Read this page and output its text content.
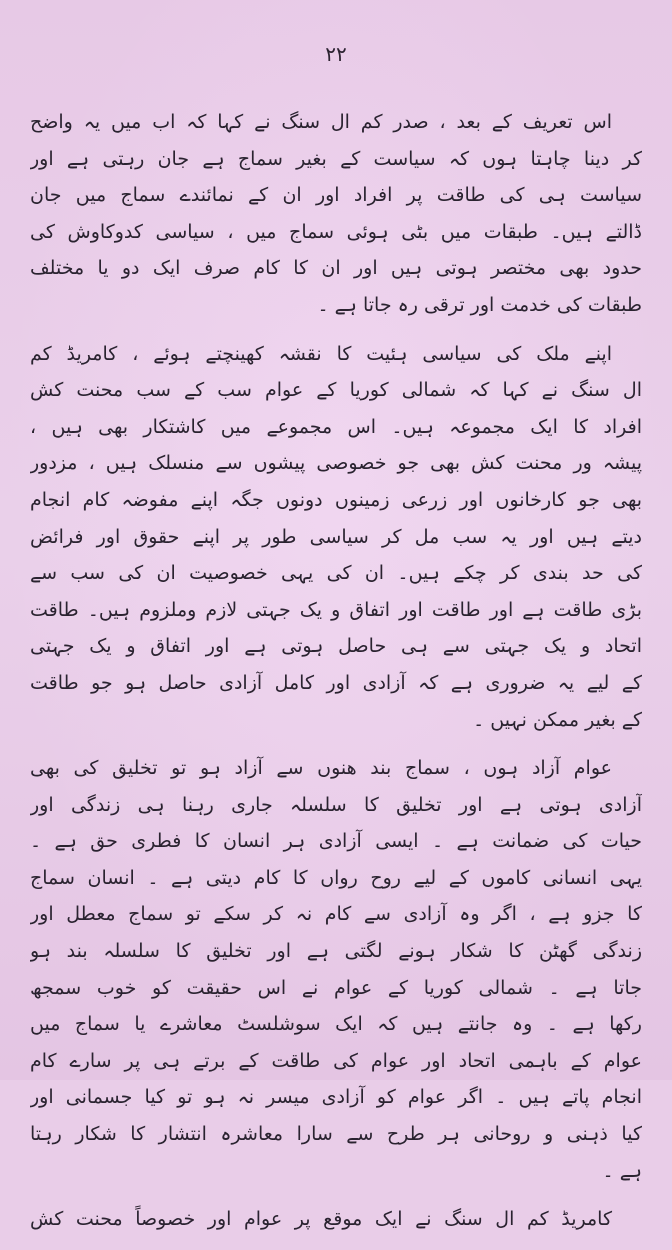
۲۲
اس تعریف کے بعد ، صدر کم ال سنگ نے کہا کہ اب میں یہ واضح
کر دینا چاہتا ہوں کہ سیاست کے بغیر سماج ہے جان رہتی ہے اور
سیاست ہی کی طاقت پر افراد اور ان کے نمائندے سماج میں جان
ڈالتے ہیں۔ طبقات میں بٹی ہوئی سماج میں ، سیاسی کدوکاوش کی
حدود بھی مختصر ہوتی ہیں اور ان کا کام صرف ایک دو یا مختلف
طبقات کی خدمت اور ترقی رہ جاتا ہے ۔
اپنے ملک کی سیاسی ہئیت کا نقشہ کھینچتے ہوئے ، کامریڈ کم
ال سنگ نے کہا کہ شمالی کوریا کے عوام سب کے سب محنت کش
افراد کا ایک مجموعہ ہیں۔ اس مجموعے میں کاشتکار بھی ہیں ،
پیشہ ور محنت کش بھی جو خصوصی پیشوں سے منسلک ہیں ، مزدور
بھی جو کارخانوں اور زرعی زمینوں دونوں جگہ اپنے مفوضہ کام انجام
دیتے ہیں اور یہ سب مل کر سیاسی طور پر اپنے حقوق اور فرائض
کی حد بندی کر چکے ہیں۔ ان کی یہی خصوصیت ان کی سب سے
بڑی طاقت ہے اور طاقت اور اتفاق و یک جہتی لازم وملزوم ہیں۔ طاقت
اتحاد و یک جہتی سے ہی حاصل ہوتی ہے اور اتفاق و یک جہتی
کے لیے یہ ضروری ہے کہ آزادی اور کامل آزادی حاصل ہو جو طاقت
کے بغیر ممکن نہیں ۔
عوام آزاد ہوں ، سماج بند ھنوں سے آزاد ہو تو تخلیق کی بھی
آزادی ہوتی ہے اور تخلیق کا سلسلہ جاری رہنا ہی زندگی اور
حیات کی ضمانت ہے ۔ ایسی آزادی ہر انسان کا فطری حق ہے ۔
یہی انسانی کاموں کے لیے روح رواں کا کام دیتی ہے ۔ انسان سماج
کا جزو ہے ، اگر وہ آزادی سے کام نہ کر سکے تو سماج معطل اور
زندگی گھٹن کا شکار ہونے لگتی ہے اور تخلیق کا سلسلہ بند ہو
جاتا ہے ۔ شمالی کوریا کے عوام نے اس حقیقت کو خوب سمجھ
رکھا ہے ۔ وہ جانتے ہیں کہ ایک سوشلسٹ معاشرے یا سماج میں
عوام کے باہمی اتحاد اور عوام کی طاقت کے برتے ہی پر سارے کام
انجام پاتے ہیں ۔ اگر عوام کو آزادی میسر نہ ہو تو کیا جسمانی اور
کیا ذہنی و روحانی ہر طرح سے سارا معاشرہ انتشار کا شکار رہتا
ہے ۔
کامریڈ کم ال سنگ نے ایک موقع پر عوام اور خصوصاً محنت کش
